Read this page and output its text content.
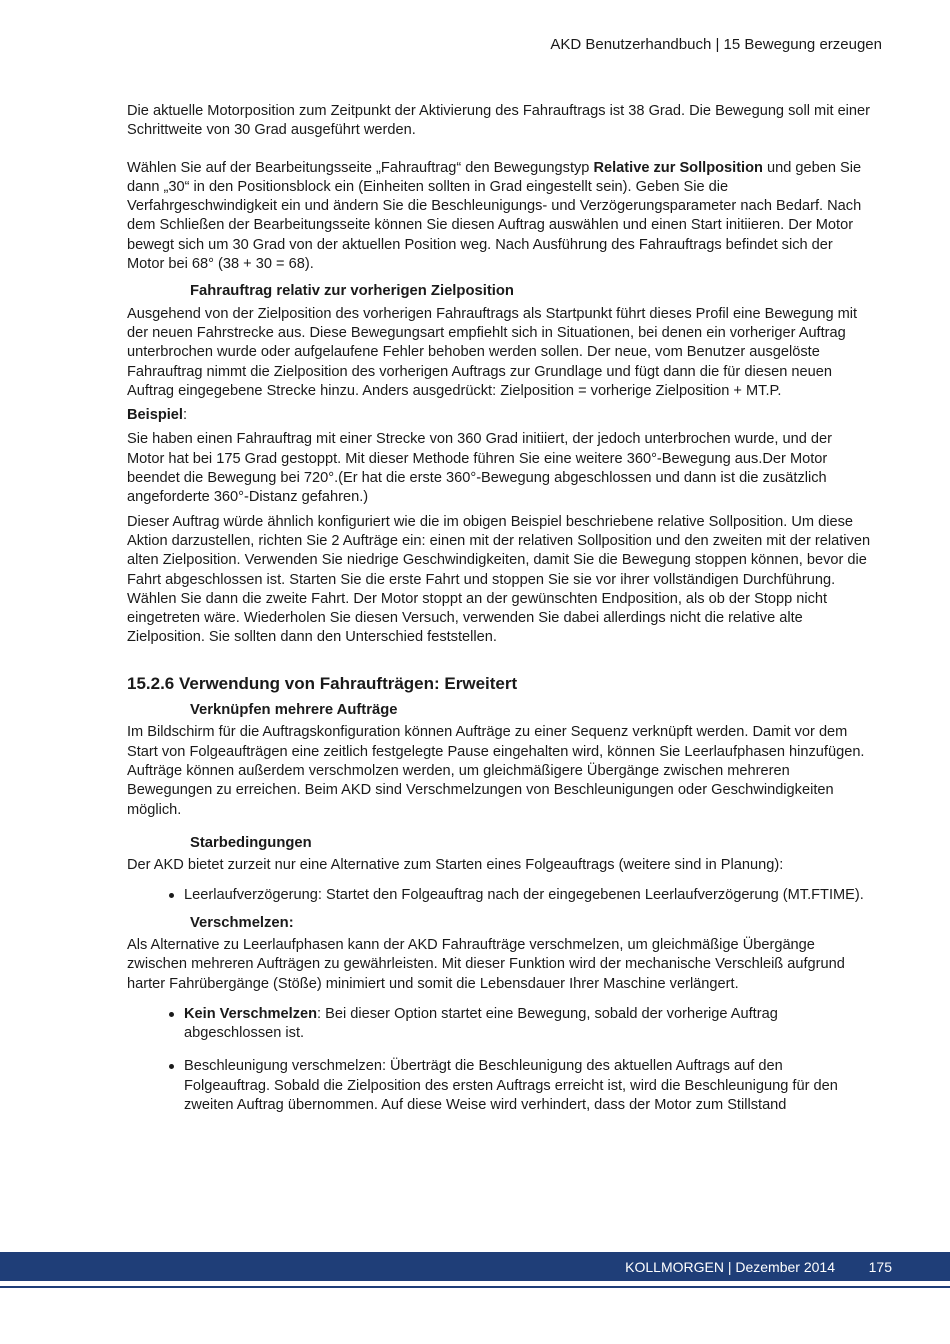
AKD Benutzerhandbuch | 15 Bewegung erzeugen

Die aktuelle Motorposition zum Zeitpunkt der Aktivierung des Fahrauftrags ist 38 Grad. Die Bewegung soll mit einer Schrittweite von 30 Grad ausgeführt werden.

Wählen Sie auf der Bearbeitungsseite „Fahrauftrag“ den Bewegungstyp Relative zur Sollposition und geben Sie dann „30“ in den Positionsblock ein (Einheiten sollten in Grad eingestellt sein). Geben Sie die Verfahrgeschwindigkeit ein und ändern Sie die Beschleunigungs- und Verzögerungsparameter nach Bedarf. Nach dem Schließen der Bearbeitungsseite können Sie diesen Auftrag auswählen und einen Start initiieren. Der Motor bewegt sich um 30 Grad von der aktuellen Position weg. Nach Ausführung des Fahrauftrags befindet sich der Motor bei 68° (38 + 30 = 68).

Fahrauftrag relativ zur vorherigen Zielposition

Ausgehend von der Zielposition des vorherigen Fahrauftrags als Startpunkt führt dieses Profil eine Bewegung mit der neuen Fahrstrecke aus. Diese Bewegungsart empfiehlt sich in Situationen, bei denen ein vorheriger Auftrag unterbrochen wurde oder aufgelaufene Fehler behoben werden sollen. Der neue, vom Benutzer ausgelöste Fahrauftrag nimmt die Zielposition des vorherigen Auftrags zur Grundlage und fügt dann die für diesen neuen Auftrag eingegebene Strecke hinzu. Anders ausgedrückt: Zielposition = vorherige Zielposition + MT.P.

Beispiel:

Sie haben einen Fahrauftrag mit einer Strecke von 360 Grad initiiert, der jedoch unterbrochen wurde, und der Motor hat bei 175 Grad gestoppt. Mit dieser Methode führen Sie eine weitere 360°-Bewegung aus.Der Motor beendet die Bewegung bei 720°.(Er hat die erste 360°-Bewegung abgeschlossen und dann ist die zusätzlich angeforderte 360°-Distanz gefahren.)

Dieser Auftrag würde ähnlich konfiguriert wie die im obigen Beispiel beschriebene relative Sollposition. Um diese Aktion darzustellen, richten Sie 2 Aufträge ein: einen mit der relativen Sollposition und den zweiten mit der relativen alten Zielposition. Verwenden Sie niedrige Geschwindigkeiten, damit Sie die Bewegung stoppen können, bevor die Fahrt abgeschlossen ist. Starten Sie die erste Fahrt und stoppen Sie sie vor ihrer vollständigen Durchführung. Wählen Sie dann die zweite Fahrt. Der Motor stoppt an der gewünschten Endposition, als ob der Stopp nicht eingetreten wäre. Wiederholen Sie diesen Versuch, verwenden Sie dabei allerdings nicht die relative alte Zielposition. Sie sollten dann den Unterschied feststellen.

15.2.6 Verwendung von Fahraufträgen: Erweitert
Verknüpfen mehrere Aufträge

Im Bildschirm für die Auftragskonfiguration können Aufträge zu einer Sequenz verknüpft werden. Damit vor dem Start von Folgeaufträgen eine zeitlich festgelegte Pause eingehalten wird, können Sie Leerlaufphasen hinzufügen. Aufträge können außerdem verschmolzen werden, um gleichmäßigere Übergänge zwischen mehreren Bewegungen zu erreichen. Beim AKD sind Verschmelzungen von Beschleunigungen oder Geschwindigkeiten möglich.

Starbedingungen

Der AKD bietet zurzeit nur eine Alternative zum Starten eines Folgeauftrags (weitere sind in Planung):

Leerlaufverzögerung: Startet den Folgeauftrag nach der eingegebenen Leerlaufverzögerung (MT.FTIME).
Verschmelzen:

Als Alternative zu Leerlaufphasen kann der AKD Fahraufträge verschmelzen, um gleichmäßige Übergänge zwischen mehreren Aufträgen zu gewährleisten. Mit dieser Funktion wird der mechanische Verschleiß aufgrund harter Fahrübergänge (Stöße) minimiert und somit die Lebensdauer Ihrer Maschine verlängert.

Kein Verschmelzen: Bei dieser Option startet eine Bewegung, sobald der vorherige Auftrag abgeschlossen ist.
Beschleunigung verschmelzen: Überträgt die Beschleunigung des aktuellen Auftrags auf den Folgeauftrag. Sobald die Zielposition des ersten Auftrags erreicht ist, wird die Beschleunigung für den zweiten Auftrag übernommen. Auf diese Weise wird verhindert, dass der Motor zum Stillstand
KOLLMORGEN | Dezember 2014 175
